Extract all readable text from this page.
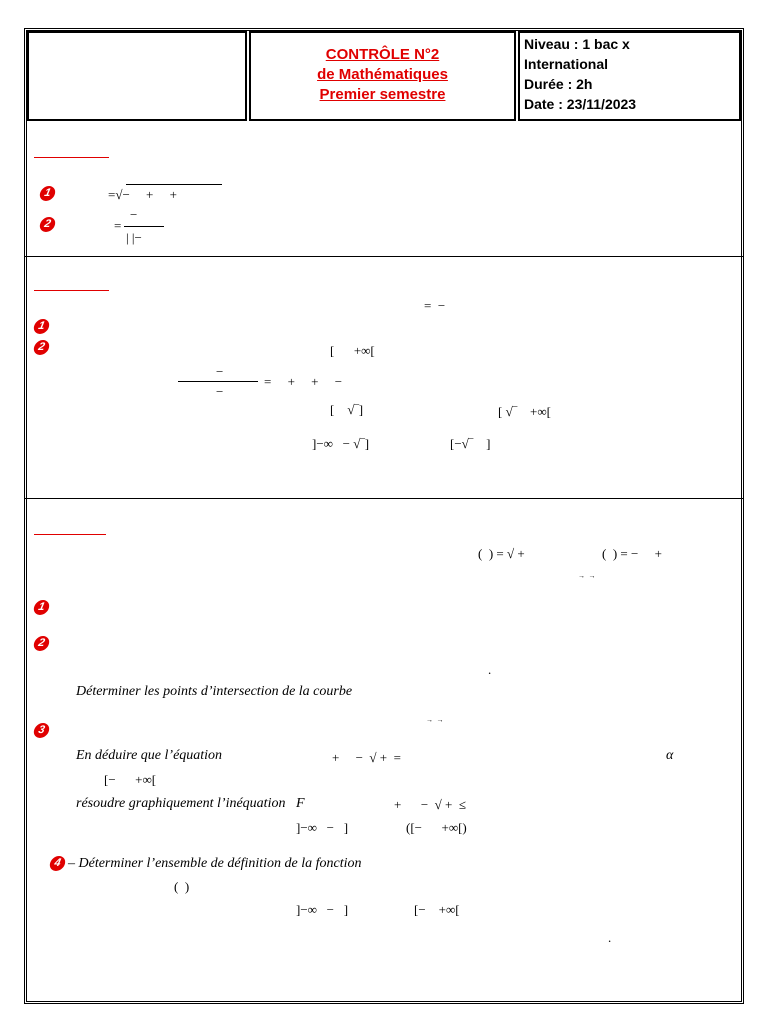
CONTRÔLE N°2
de Mathématiques
Premier semestre
Niveau : 1 bac x
International
Durée : 2h
Date : 23/11/2023
1	=√−     +     +
2
−
=
| |−
=  −
1
2	[      +∞[
−
−
=     +     +     −
[    √‾]	[ √‾    +∞[
]−∞   − √‾]	[−√‾    ]
(  ) = √ +	(  ) = −     +
→  →
1
2
.
Déterminer les points d’intersection de la courbe
→  →
3
En déduire que l’équation	+     −  √ +  =	α
[−      +∞[
résoudre graphiquement l’inéquation   F	+      −  √ +  ≤
]−∞   −   ]	([−      +∞[)
4 – Déterminer l’ensemble de définition de la fonction
(  )
]−∞   −   ]	[−    +∞[
.
